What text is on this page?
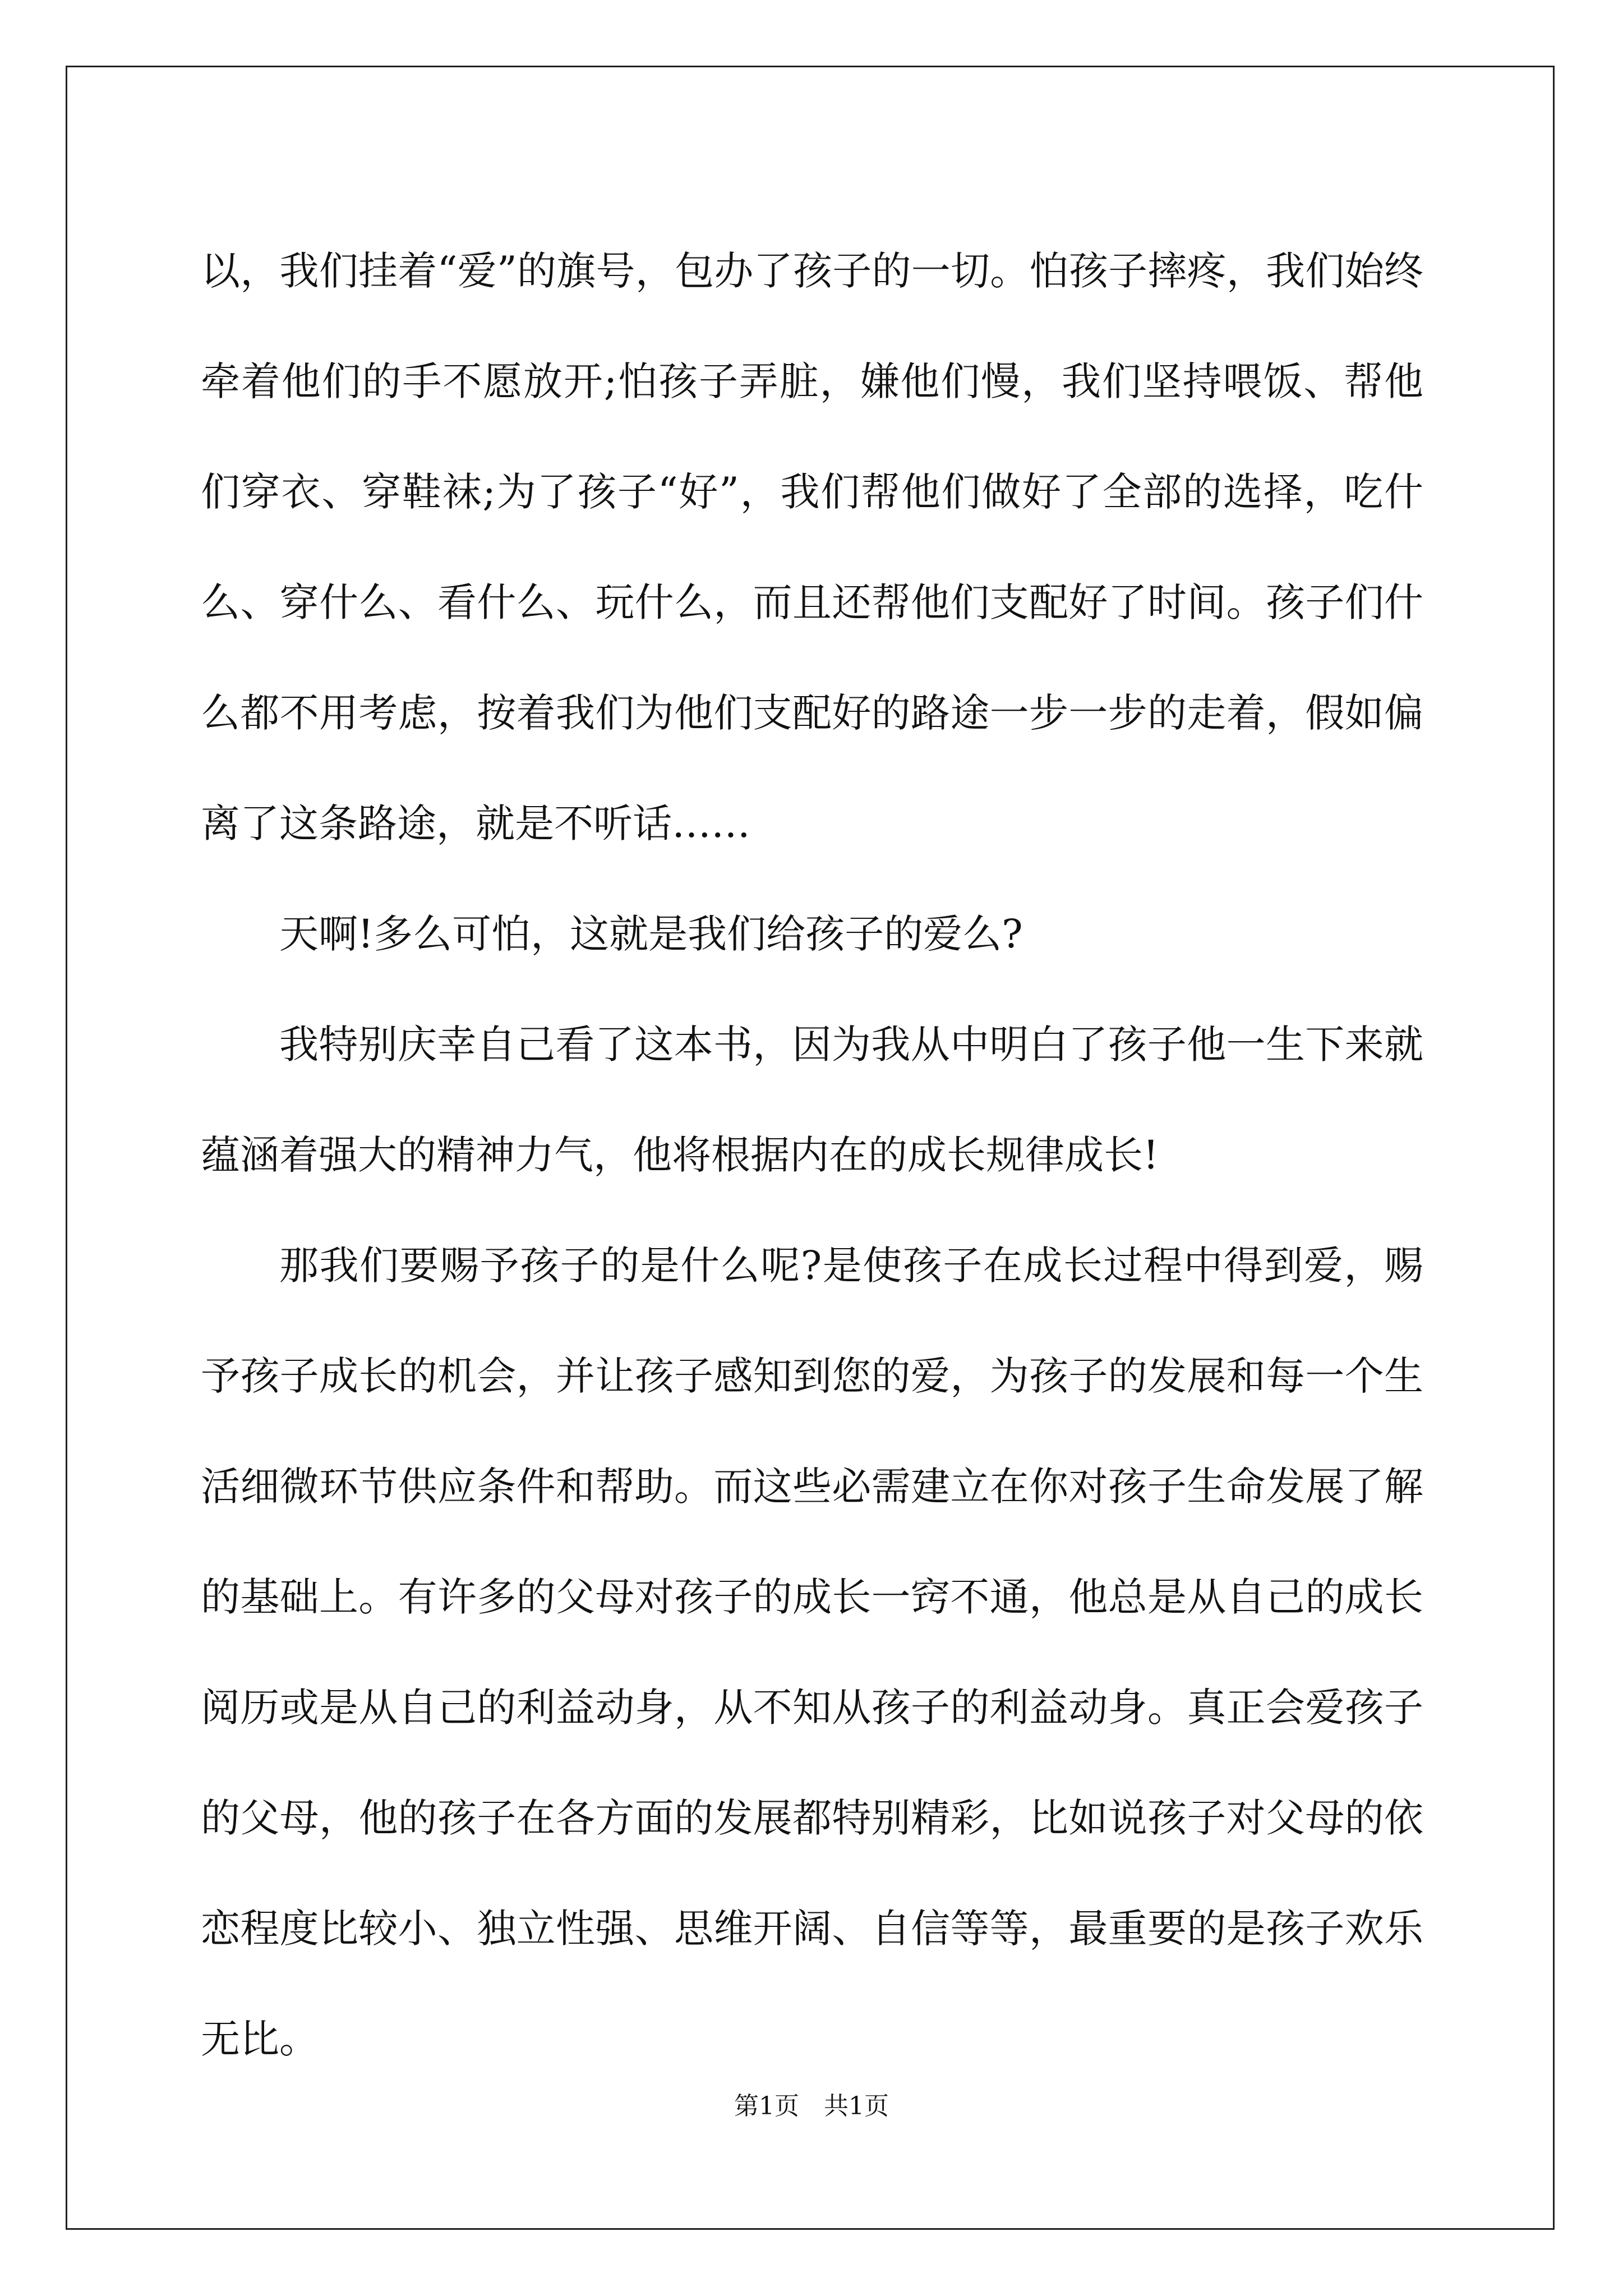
以，我们挂着“爱”的旗号，包办了孩子的一切。怕孩子摔疼，我们始终牵着他们的手不愿放开;怕孩子弄脏，嫌他们慢，我们坚持喂饭、帮他们穿衣、穿鞋袜;为了孩子“好”，我们帮他们做好了全部的选择，吃什么、穿什么、看什么、玩什么，而且还帮他们支配好了时间。孩子们什么都不用考虑，按着我们为他们支配好的路途一步一步的走着，假如偏离了这条路途，就是不听话……

天啊!多么可怕，这就是我们给孩子的爱么?

我特别庆幸自己看了这本书，因为我从中明白了孩子他一生下来就蕴涵着强大的精神力气，他将根据内在的成长规律成长!

那我们要赐予孩子的是什么呢?是使孩子在成长过程中得到爱，赐予孩子成长的机会，并让孩子感知到您的爱，为孩子的发展和每一个生活细微环节供应条件和帮助。而这些必需建立在你对孩子生命发展了解的基础上。有许多的父母对孩子的成长一窍不通，他总是从自己的成长阅历或是从自己的利益动身，从不知从孩子的利益动身。真正会爱孩子的父母，他的孩子在各方面的发展都特别精彩，比如说孩子对父母的依恋程度比较小、独立性强、思维开阔、自信等等，最重要的是孩子欢乐无比。

第1页 共1页
